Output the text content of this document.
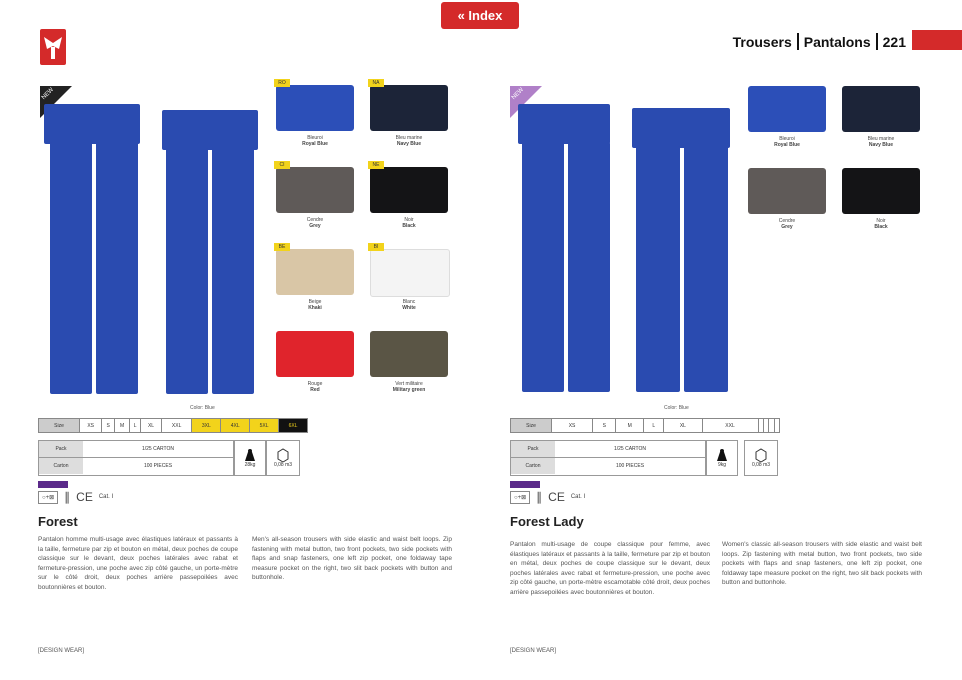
« Index
Trousers Pantalons 221
NEW
RO
Bleuroi
Royal Blue
NA
Bleu marine
Navy Blue
CI
Cendre
Grey
NE
Noir
Black
BE
Beige
Khaki
BI
Blanc
White
Rouge
Red
Vert militaire
Military green
Color: Blue
Size	XS	S	M	L	XL	XXL	3XL	4XL	5XL	6XL
Pack	1/25 CARTON
Carton	100 PIECES	28kg	0,08 m3
○+⊠ ∥ CE Cat. I
Forest
Pantalon homme multi-usage avec élastiques latéraux et passants à la taille, fermeture par zip et bouton en métal, deux poches de coupe classique sur le devant, deux poches latérales avec rabat et fermeture-pression, une poche avec zip côté gauche, un porte-mètre sur le côté droit, deux poches arrière passepoilées avec boutonnières et bouton.
Men's all-season trousers with side elastic and waist belt loops. Zip fastening with metal button, two front pockets, two side pockets with flaps and snap fasteners, one left zip pocket, one foldaway tape measure pocket on the right, two slit back pockets with button and buttonhole.
[DESIGN WEAR]
NEW
Bleuroi
Royal Blue
Bleu marine
Navy Blue
Cendre
Grey
Noir
Black
Color: Blue
Size	XS	S	M	L	XL	XXL				
Pack	1/25 CARTON
Carton	100 PIECES	9kg	0,08 m3
○+⊠ ∥ CE Cat. I
Forest Lady
Pantalon multi-usage de coupe classique pour femme, avec élastiques latéraux et passants à la taille, fermeture par zip et bouton en métal, deux poches de coupe classique sur le devant, deux poches latérales avec rabat et fermeture-pression, une poche avec zip côté gauche, un porte-mètre escamotable côté droit, deux poches arrière passepoilées avec boutonnières et bouton.
Women's classic all-season trousers with side elastic and waist belt loops. Zip fastening with metal button, two front pockets, two side pockets with flaps and snap fasteners, one left zip pocket, one foldaway tape measure pocket on the right, two slit back pockets with button and buttonhole.
[DESIGN WEAR]
